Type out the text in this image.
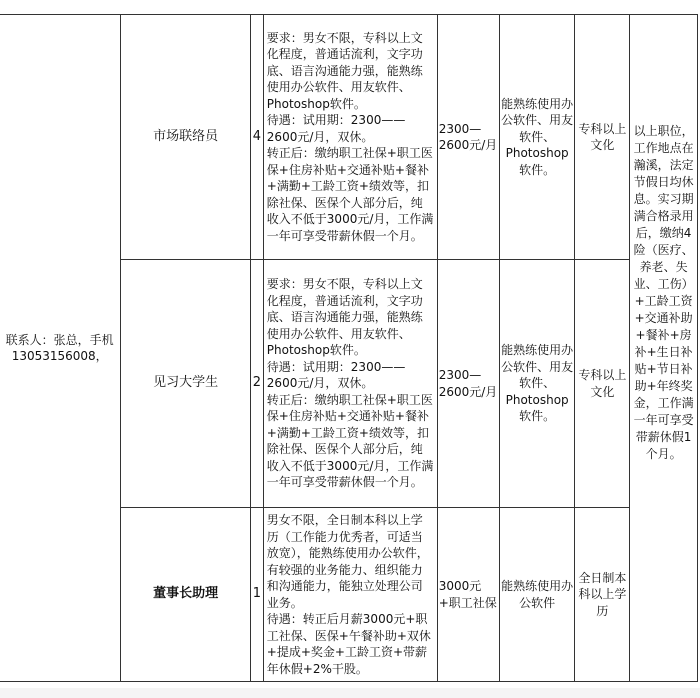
联系人：张总，手机13053156008，	市场联络员	4	要求：男女不限，专科以上文化程度，普通话流利，文字功底、语言沟通能力强，能熟练使用办公软件、用友软件、Photoshop软件。
待遇：试用期：2300——2600元/月，双休。
转正后：缴纳职工社保+职工医保+住房补贴+交通补贴+餐补+满勤+工龄工资+绩效等，扣除社保、医保个人部分后，纯收入不低于3000元/月，工作满一年可享受带薪休假一个月。	2300—2600元/月	能熟练使用办公软件、用友软件、Photoshop软件。	专科以上文化	以上职位，工作地点在瀚溪，法定节假日均休息。实习期满合格录用后，缴纳4险（医疗、养老、失业、工伤）+工龄工资+交通补助+餐补+房补+生日补贴+节日补助+年终奖金，工作满一年可享受带薪休假1个月。
	见习大学生	2	要求：男女不限，专科以上文化程度，普通话流利，文字功底、语言沟通能力强，能熟练使用办公软件、用友软件、Photoshop软件。
待遇：试用期：2300——2600元/月，双休。
转正后：缴纳职工社保+职工医保+住房补贴+交通补贴+餐补+满勤+工龄工资+绩效等，扣除社保、医保个人部分后，纯收入不低于3000元/月，工作满一年可享受带薪休假一个月。	2300—2600元/月	能熟练使用办公软件、用友软件、Photoshop软件。	专科以上文化	
	董事长助理	1	男女不限，全日制本科以上学历（工作能力优秀者，可适当放宽），能熟练使用办公软件，有较强的业务能力、组织能力和沟通能力，能独立处理公司业务。
待遇：转正后月薪3000元+职工社保、医保+午餐补助+双休+提成+奖金+工龄工资+带薪年休假+2%干股。	3000元+职工社保	能熟练使用办公软件	全日制本科以上学历	
